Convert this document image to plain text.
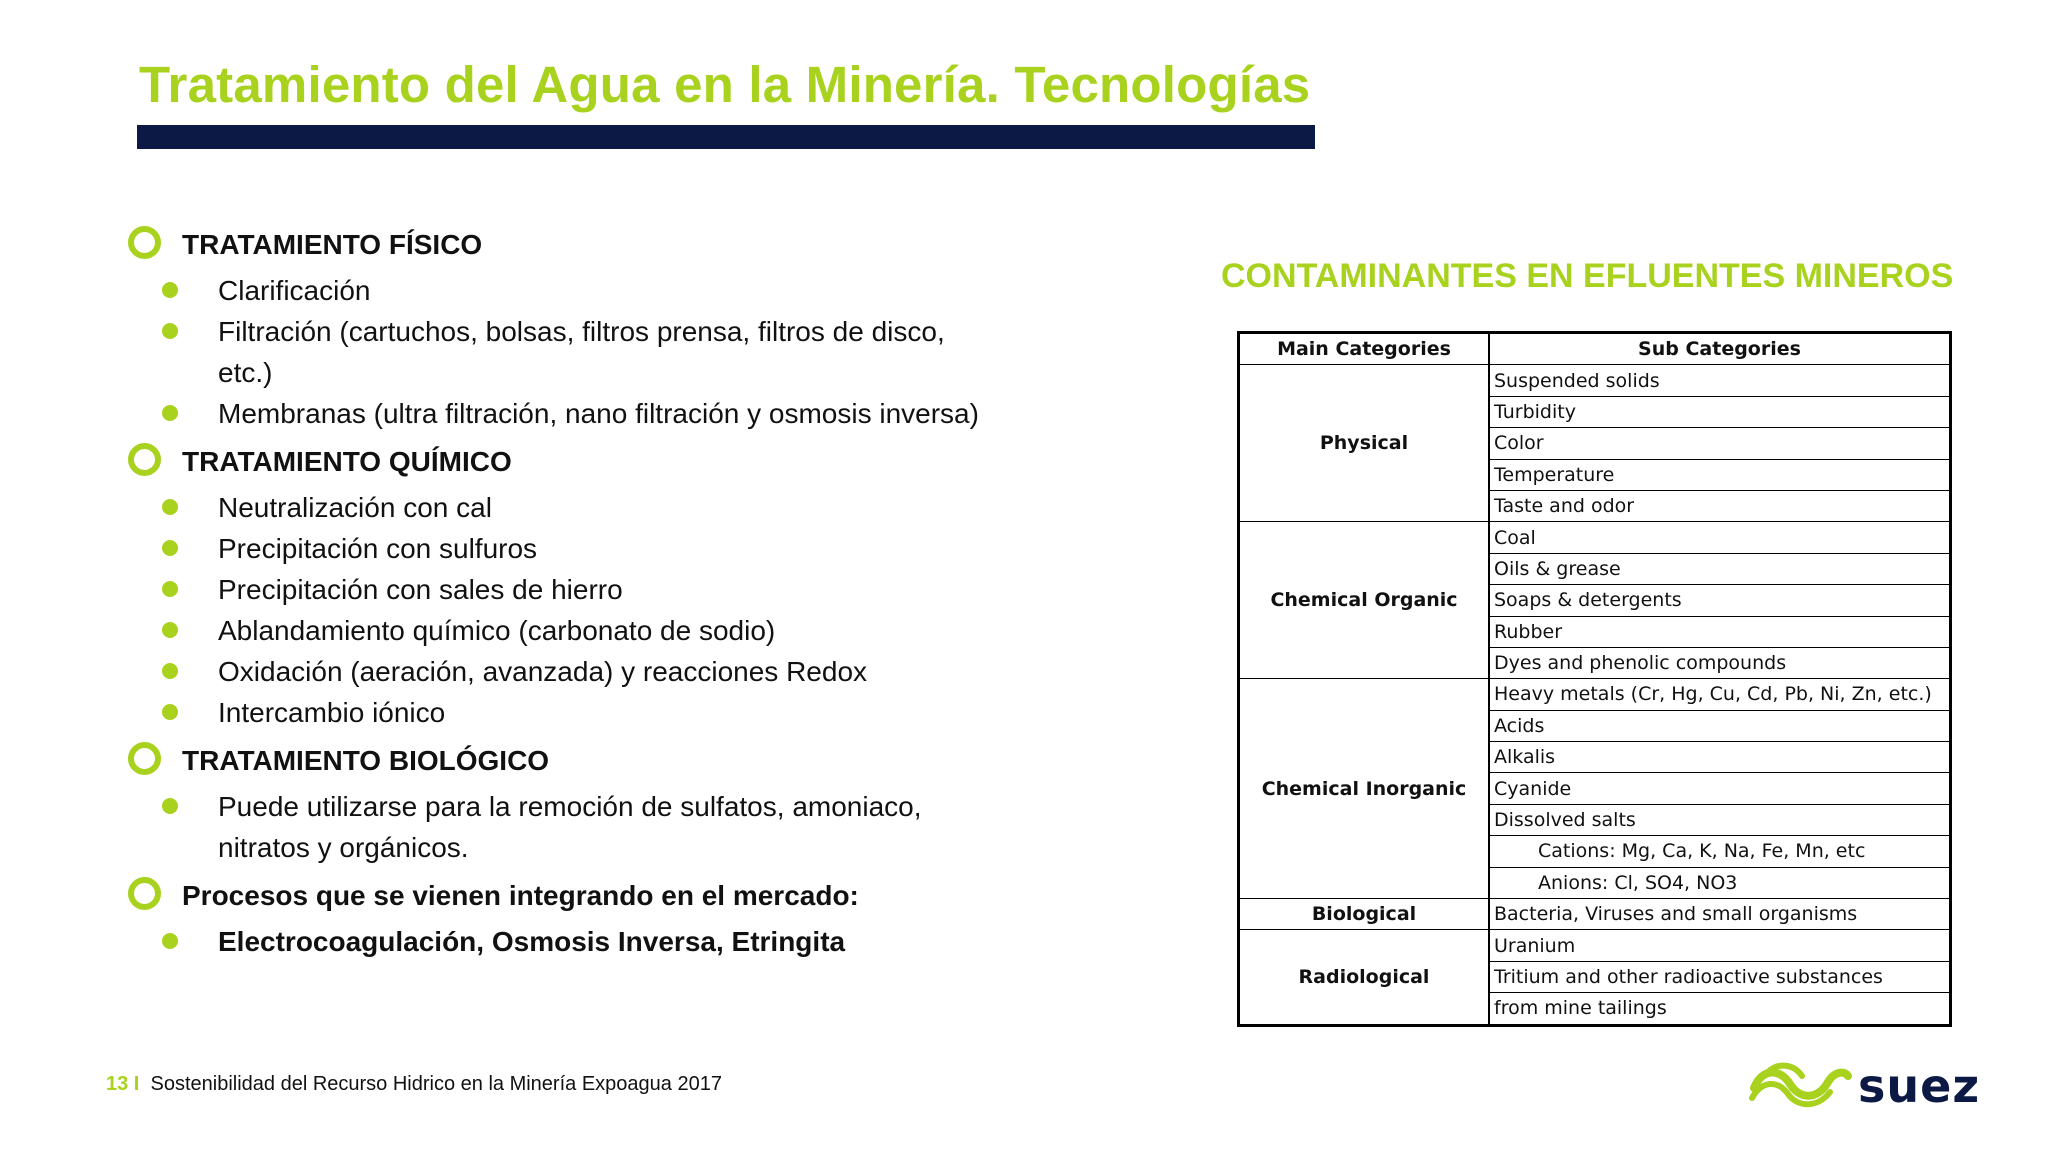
Tratamiento del Agua en la Minería. Tecnologías
TRATAMIENTO FÍSICO
Clarificación
Filtración (cartuchos, bolsas, filtros prensa, filtros de disco,
etc.)
Membranas (ultra filtración, nano filtración y osmosis inversa)
TRATAMIENTO QUÍMICO
Neutralización con cal
Precipitación con sulfuros
Precipitación con sales de hierro
Ablandamiento químico (carbonato de sodio)
Oxidación (aeración, avanzada) y reacciones Redox
Intercambio iónico
TRATAMIENTO BIOLÓGICO
Puede utilizarse para la remoción de sulfatos, amoniaco,
nitratos y orgánicos.
Procesos que se vienen integrando en el mercado:
Electrocoagulación, Osmosis Inversa, Etringita
CONTAMINANTES EN EFLUENTES MINEROS
Main Categories	Sub Categories
Physical	Suspended solids
	Turbidity
	Color
	Temperature
	Taste and odor
Chemical Organic	Coal
	Oils & grease
	Soaps & detergents
	Rubber
	Dyes and phenolic compounds
Chemical Inorganic	Heavy metals (Cr, Hg, Cu, Cd, Pb, Ni, Zn, etc.)
	Acids
	Alkalis
	Cyanide
	Dissolved salts
	Cations: Mg, Ca, K, Na, Fe, Mn, etc
	Anions: Cl, SO4, NO3
Biological	Bacteria, Viruses and small organisms
Radiological	Uranium
	Tritium and other radioactive substances
	from mine tailings
13 I Sostenibilidad del Recurso Hidrico en la Minería Expoagua 2017	suez
